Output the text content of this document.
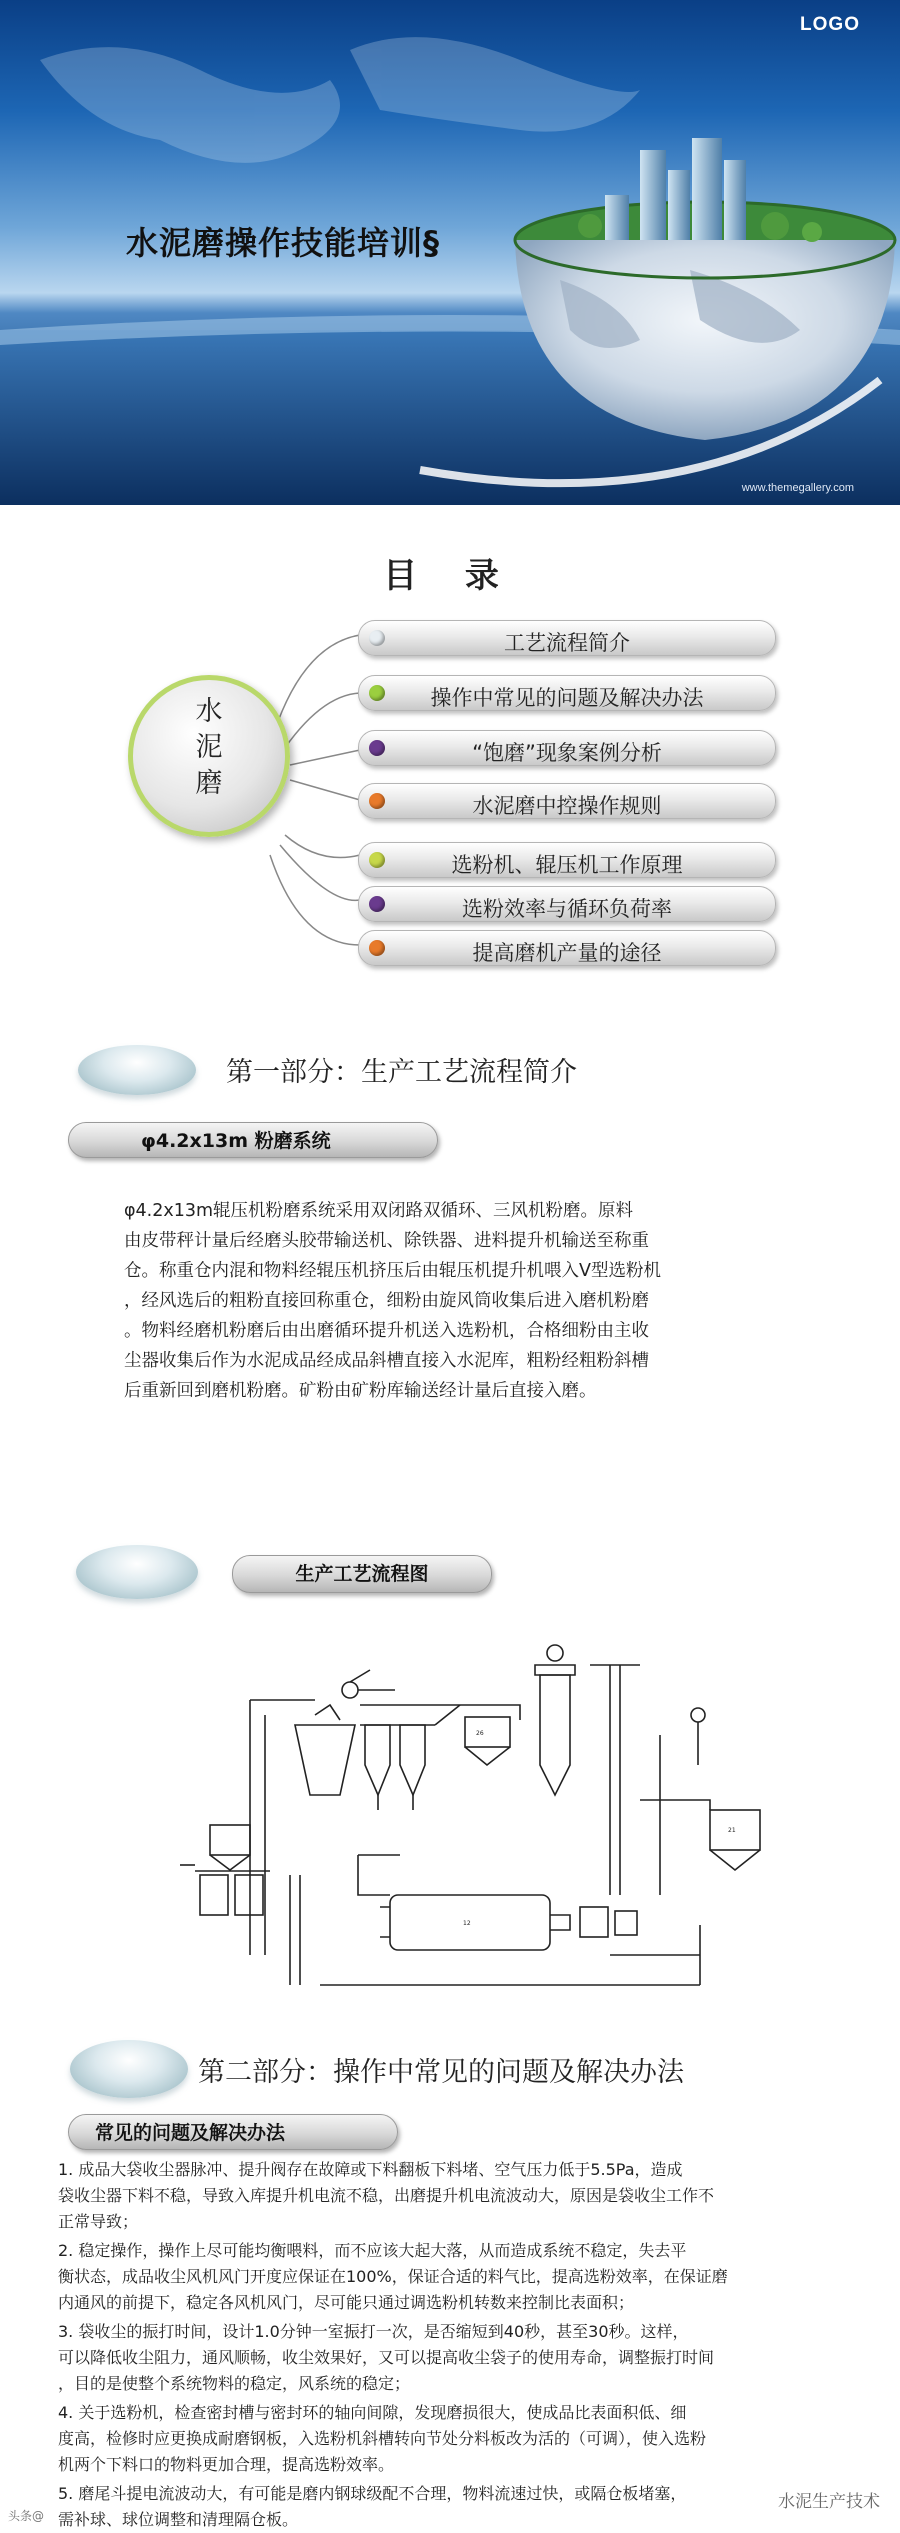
LOGO
水泥磨操作技能培训§
www.themegallery.com
目 录
水
泥
磨
工艺流程简介
操作中常见的问题及解决办法
“饱磨”现象案例分析
水泥磨中控操作规则
选粉机、辊压机工作原理
选粉效率与循环负荷率
提高磨机产量的途径
第一部分：生产工艺流程简介
φ4.2x13m 粉磨系统
φ4.2x13m辊压机粉磨系统采用双闭路双循环、三风机粉磨。原料
由皮带秤计量后经磨头胶带输送机、除铁器、进料提升机输送至称重
仓。称重仓内混和物料经辊压机挤压后由辊压机提升机喂入V型选粉机
，经风选后的粗粉直接回称重仓，细粉由旋风筒收集后进入磨机粉磨
。物料经磨机粉磨后由出磨循环提升机送入选粉机，合格细粉由主收
尘器收集后作为水泥成品经成品斜槽直接入水泥库，粗粉经粗粉斜槽
后重新回到磨机粉磨。矿粉由矿粉库输送经计量后直接入磨。
生产工艺流程图
26
21
12
第二部分：操作中常见的问题及解决办法
常见的问题及解决办法
1. 成品大袋收尘器脉冲、提升阀存在故障或下料翻板下料堵、空气压力低于5.5Pa，造成
袋收尘器下料不稳，导致入库提升机电流不稳，出磨提升机电流波动大，原因是袋收尘工作不
正常导致；
2. 稳定操作，操作上尽可能均衡喂料，而不应该大起大落，从而造成系统不稳定，失去平
衡状态，成品收尘风机风门开度应保证在100%，保证合适的料气比，提高选粉效率，在保证磨
内通风的前提下，稳定各风机风门，尽可能只通过调选粉机转数来控制比表面积；
3. 袋收尘的振打时间，设计1.0分钟一室振打一次，是否缩短到40秒，甚至30秒。这样，
可以降低收尘阻力，通风顺畅，收尘效果好，又可以提高收尘袋子的使用寿命，调整振打时间
，目的是使整个系统物料的稳定，风系统的稳定；
4. 关于选粉机，检查密封槽与密封环的轴向间隙，发现磨损很大，使成品比表面积低、细
度高，检修时应更换成耐磨钢板，入选粉机斜槽转向节处分料板改为活的（可调），使入选粉
机两个下料口的物料更加合理，提高选粉效率。
5. 磨尾斗提电流波动大，有可能是磨内钢球级配不合理，物料流速过快，或隔仓板堵塞，
需补球、球位调整和清理隔仓板。
头条@
水泥生产技术
